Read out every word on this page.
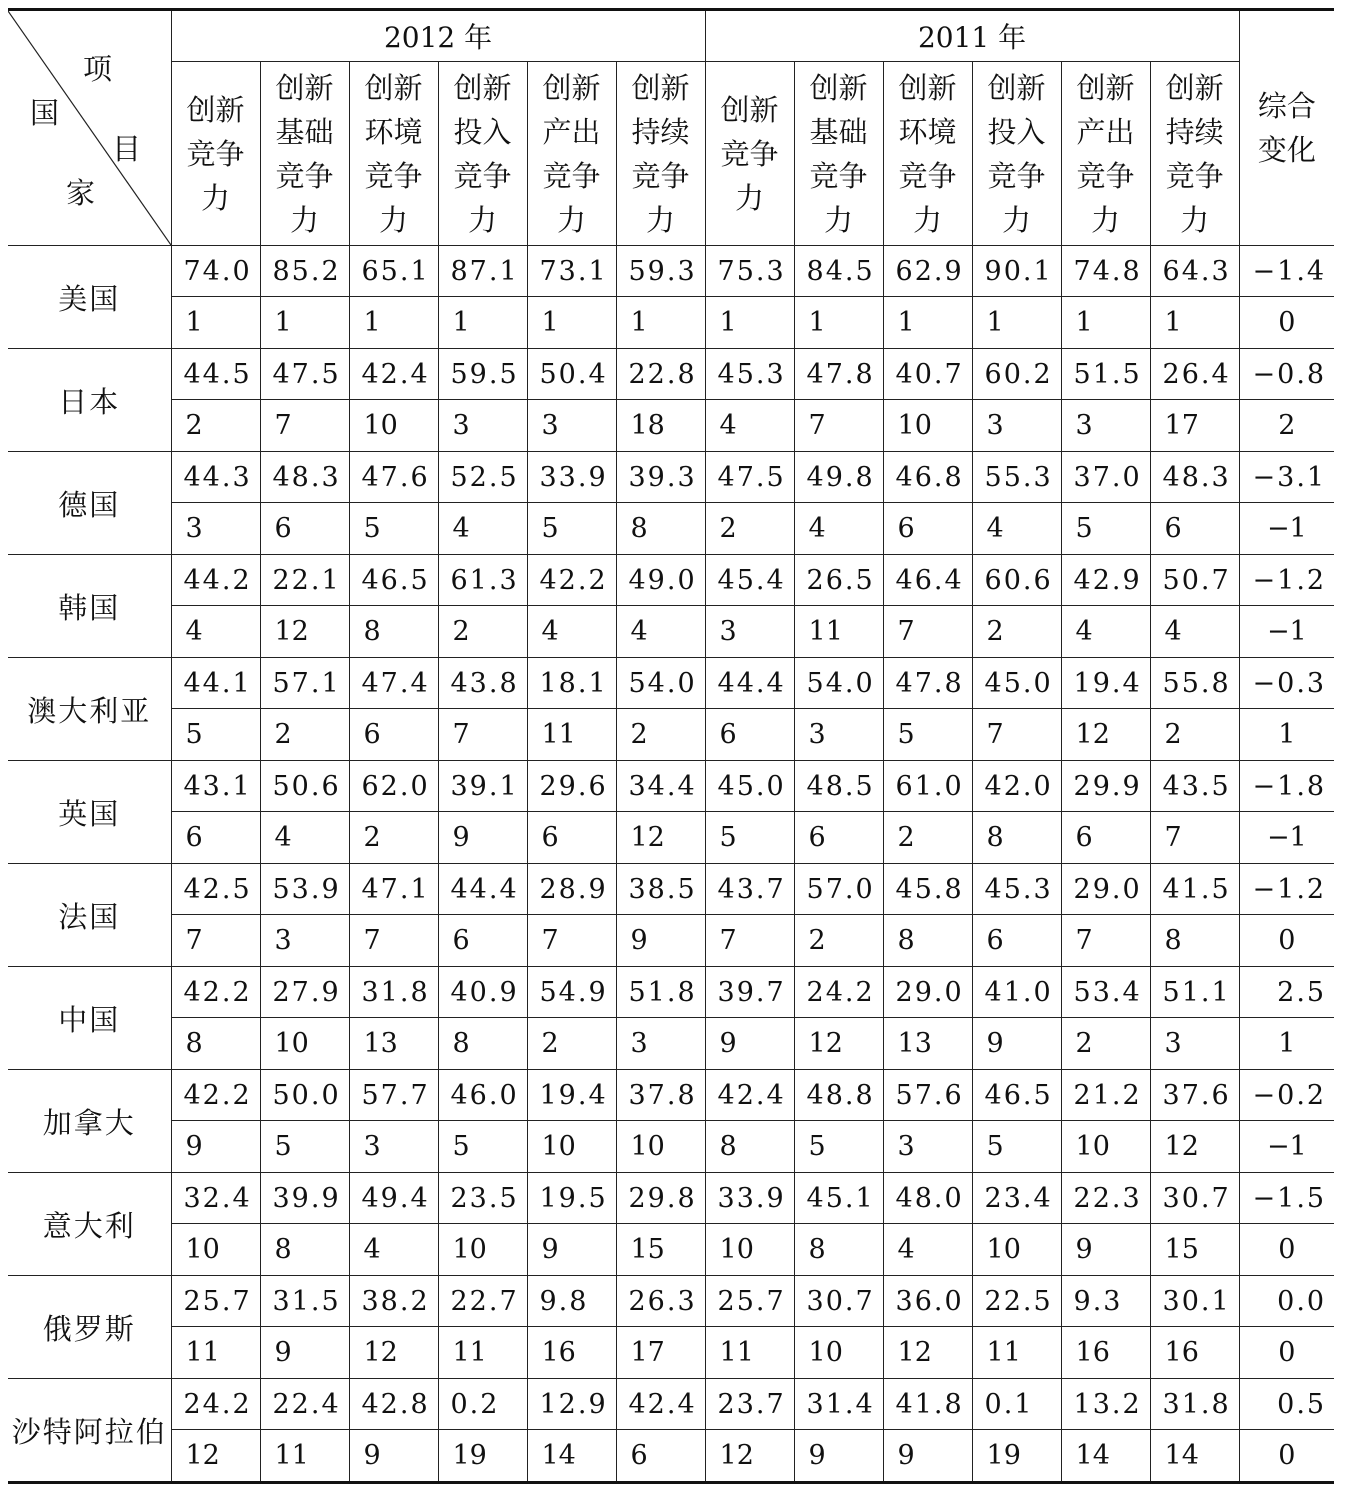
项
目
国
家	2012 年						2011 年						综合
变化

	创新
竞争
力	创新
基础
竞争
力	创新
环境
竞争
力	创新
投入
竞争
力	创新
产出
竞争
力	创新
持续
竞争
力	创新
竞争
力	创新
基础
竞争
力	创新
环境
竞争
力	创新
投入
竞争
力	创新
产出
竞争
力	创新
持续
竞争
力	

美国	74.0	85.2	65.1	87.1	73.1	59.3	75.3	84.5	62.9	90.1	74.8	64.3	−1.4
	1	1	1	1	1	1	1	1	1	1	1	1	0
日本	44.5	47.5	42.4	59.5	50.4	22.8	45.3	47.8	40.7	60.2	51.5	26.4	−0.8
	2	7	10	3	3	18	4	7	10	3	3	17	2
德国	44.3	48.3	47.6	52.5	33.9	39.3	47.5	49.8	46.8	55.3	37.0	48.3	−3.1
	3	6	5	4	5	8	2	4	6	4	5	6	−1
韩国	44.2	22.1	46.5	61.3	42.2	49.0	45.4	26.5	46.4	60.6	42.9	50.7	−1.2
	4	12	8	2	4	4	3	11	7	2	4	4	−1
澳大利亚	44.1	57.1	47.4	43.8	18.1	54.0	44.4	54.0	47.8	45.0	19.4	55.8	−0.3
	5	2	6	7	11	2	6	3	5	7	12	2	1
英国	43.1	50.6	62.0	39.1	29.6	34.4	45.0	48.5	61.0	42.0	29.9	43.5	−1.8
	6	4	2	9	6	12	5	6	2	8	6	7	−1
法国	42.5	53.9	47.1	44.4	28.9	38.5	43.7	57.0	45.8	45.3	29.0	41.5	−1.2
	7	3	7	6	7	9	7	2	8	6	7	8	0
中国	42.2	27.9	31.8	40.9	54.9	51.8	39.7	24.2	29.0	41.0	53.4	51.1	2.5
	8	10	13	8	2	3	9	12	13	9	2	3	1
加拿大	42.2	50.0	57.7	46.0	19.4	37.8	42.4	48.8	57.6	46.5	21.2	37.6	−0.2
	9	5	3	5	10	10	8	5	3	5	10	12	−1
意大利	32.4	39.9	49.4	23.5	19.5	29.8	33.9	45.1	48.0	23.4	22.3	30.7	−1.5
	10	8	4	10	9	15	10	8	4	10	9	15	0
俄罗斯	25.7	31.5	38.2	22.7	9.8	26.3	25.7	30.7	36.0	22.5	9.3	30.1	0.0
	11	9	12	11	16	17	11	10	12	11	16	16	0
沙特阿拉伯	24.2	22.4	42.8	0.2	12.9	42.4	23.7	31.4	41.8	0.1	13.2	31.8	0.5
	12	11	9	19	14	6	12	9	9	19	14	14	0
